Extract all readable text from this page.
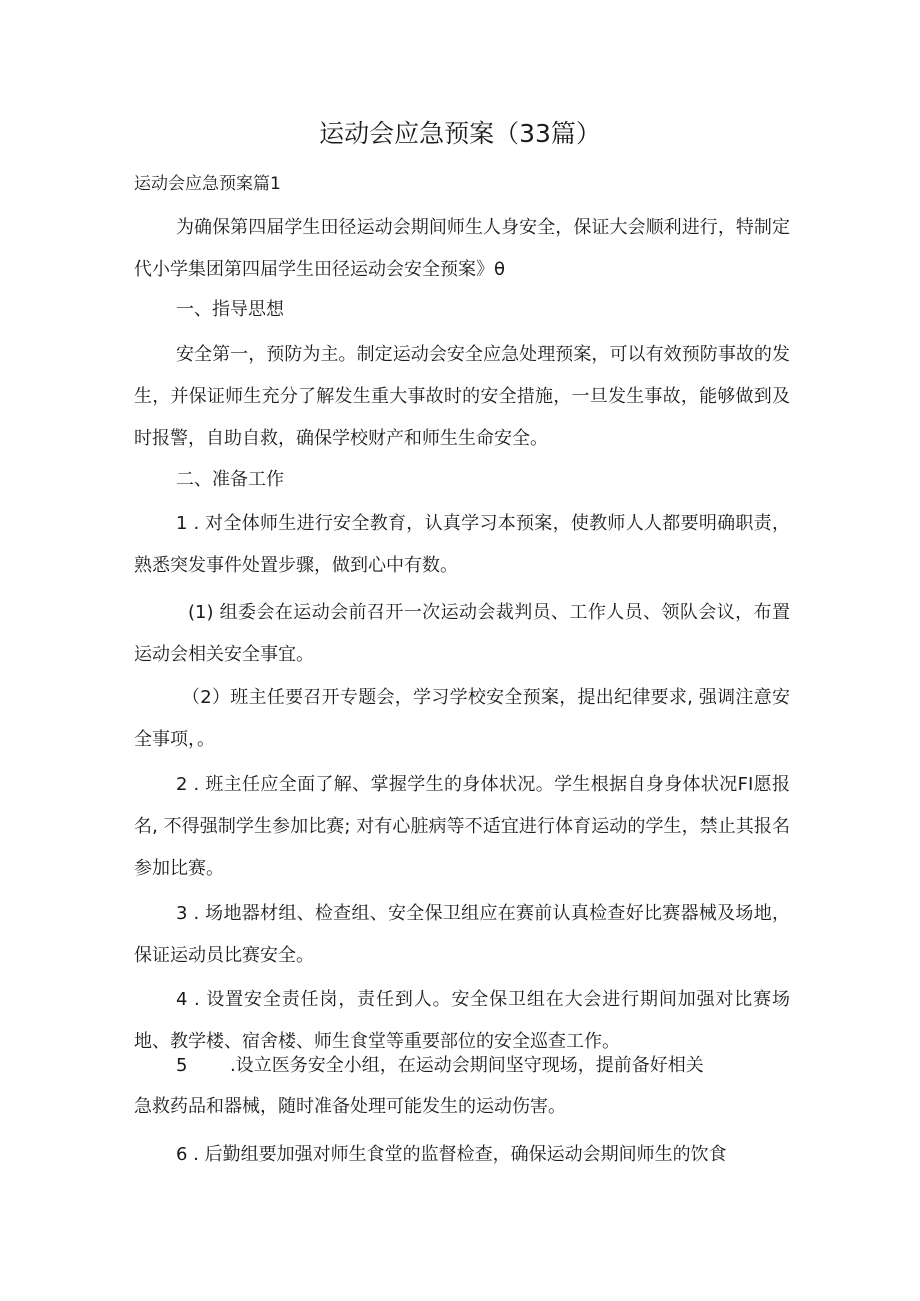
运动会应急预案（33篇）
运动会应急预案篇1
为确保第四届学生田径运动会期间师生人身安全，保证大会顺利进行，特制定代小学集团第四届学生田径运动会安全预案》θ
一、指导思想
安全第一，预防为主。制定运动会安全应急处理预案，可以有效预防事故的发生，并保证师生充分了解发生重大事故时的安全措施，一旦发生事故，能够做到及时报警，自助自救，确保学校财产和师生生命安全。
二、准备工作
1 . 对全体师生进行安全教育，认真学习本预案，使教师人人都要明确职责，熟悉突发事件处置步骤，做到心中有数。
(1) 组委会在运动会前召开一次运动会裁判员、工作人员、领队会议，布置运动会相关安全事宜。
（2）班主任要召开专题会，学习学校安全预案，提出纪律要求, 强调注意安全事项，。
2 . 班主任应全面了解、掌握学生的身体状况。学生根据自身身体状况FI愿报名, 不得强制学生参加比赛; 对有心脏病等不适宜进行体育运动的学生，禁止其报名参加比赛。
3 . 场地器材组、检查组、安全保卫组应在赛前认真检查好比赛器械及场地，保证运动员比赛安全。
4 . 设置安全责任岗，责任到人。安全保卫组在大会进行期间加强对比赛场地、教学楼、宿舍楼、师生食堂等重要部位的安全巡查工作。
5 .设立医务安全小组，在运动会期间坚守现场，提前备好相关
急救药品和器械，随时准备处理可能发生的运动伤害。
6 . 后勤组要加强对师生食堂的监督检查，确保运动会期间师生的饮食
